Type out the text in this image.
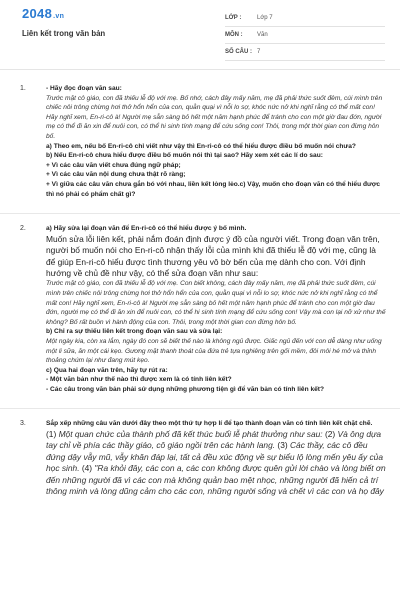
2048.vn
Liên kết trong văn bản
LỚP :	Lớp 7
MÔN :	Văn
SỐ CÂU : 7
1.	- Hãy đọc đoạn văn sau:

Trước mặt cô giáo, con đã thiếu lễ độ với mẹ. Bố nhớ, cách đây mấy năm, mẹ đã phải thức suốt đêm, cúi mình trên chiếc nôi trông chừng hơi thở hổn hển của con, quằn quại vì nỗi lo sợ, khóc nức nở khi nghĩ rằng có thể mất con! Hãy nghĩ xem, En-ri-cô à! Người mẹ sẵn sàng bỏ hết một năm hạnh phúc để tránh cho con một giờ đau đớn, người mẹ có thể đi ăn xin để nuôi con, có thể hi sinh tính mạng để cứu sống con! Thôi, trong một thời gian con đừng hôn bố.

a) Theo em, nếu bố En-ri-cô chỉ viết như vậy thì En-ri-cô có thể hiểu được điều bố muốn nói chưa?

b) Nếu En-ri-cô chưa hiểu được điều bố muốn nói thì tại sao? Hãy xem xét các lí do sau:

+ Vì các câu văn viết chưa đúng ngữ pháp;

+ Vì các câu văn nội dung chưa thật rõ ràng;

+ Vì giữa các câu văn chưa gắn bó với nhau, liền kết lỏng lẻo.c) Vậy, muốn cho đoạn văn có thể hiểu được thì nó phải có phẩm chất gì?

2.	a) Hãy sửa lại đoạn văn để En-ri-cô có thể hiểu được ý bố mình.

Muốn sửa lỗi liên kết, phải nắm đoán định được ý đồ của người viết. Trong đoạn văn trên, người bố muốn nói cho En-ri-cô nhận thấy lỗi của mình khi đã thiếu lễ độ với mẹ, cũng là để giúp En-ri-cô hiểu được tình thương yêu vô bờ bến của mẹ dành cho con. Với định hướng về chủ đề như vậy, có thể sửa đoạn văn như sau:

Trước mặt cô giáo, con đã thiếu lễ độ với mẹ. Con biết không, cách đây mấy năm, mẹ đã phải thức suốt đêm, cúi mình trên chiếc nôi trông chừng hơi thở hổn hển của con, quằn quại vì nỗi lo sợ, khóc nức nở khi nghĩ rằng có thể mất con! Hãy nghĩ xem, En-ri-cô à! Người mẹ sẵn sàng bỏ hết một năm hạnh phúc để tránh cho con một giờ đau đớn, người mẹ có thể đi ăn xin để nuôi con, có thể hi sinh tính mạng để cứu sống con! Vậy mà con lại nỡ xử như thế không? Bố rất buồn vì hành động của con. Thôi, trong một thời gian con đừng hôn bố.

b) Chỉ ra sự thiếu liên kết trong đoạn văn sau và sửa lại:

Một ngày kia, còn xa lắm, ngày đó con sẽ biết thế nào là không ngủ được. Giấc ngủ đến với con dễ dàng như uống một li sữa, ăn một cái kẹo. Gương mặt thanh thoát của đứa trẻ tựa nghiêng trên gối mềm, đôi môi hé mở và thỉnh thoảng chúm lại như đang mút kẹo.

c) Qua hai đoạn văn trên, hãy tự rút ra:

- Một văn bản như thế nào thì được xem là có tính liên kết?

- Các câu trong văn bản phải sử dụng những phương tiện gì để văn bản có tính liên kết?

3.	Sắp xếp những câu văn dưới đây theo một thứ tự hợp lí để tạo thành đoạn văn có tính liên kết chặt chẽ.

(1) Một quan chức của thành phố đã kết thúc buổi lễ phát thưởng như sau: (2) Và ông dựa tay chỉ về phía các thầy giáo, cô giáo ngồi trên các hành lang. (3) Các thầy, các cô đều đứng dậy vẫy mũ, vẫy khăn đáp lại, tất cả đều xúc động về sự biểu lộ lòng mến yêu ấy của học sinh. (4) "Ra khỏi đây, các con a, các con không được quên gửi lời chào và lòng biết ơn đến những người đã vì các con mà không quản bao mệt nhọc, những người đã hiến cả trí thông minh và lòng dũng cảm cho các con, những người sống và chết vì các con và họ đây
